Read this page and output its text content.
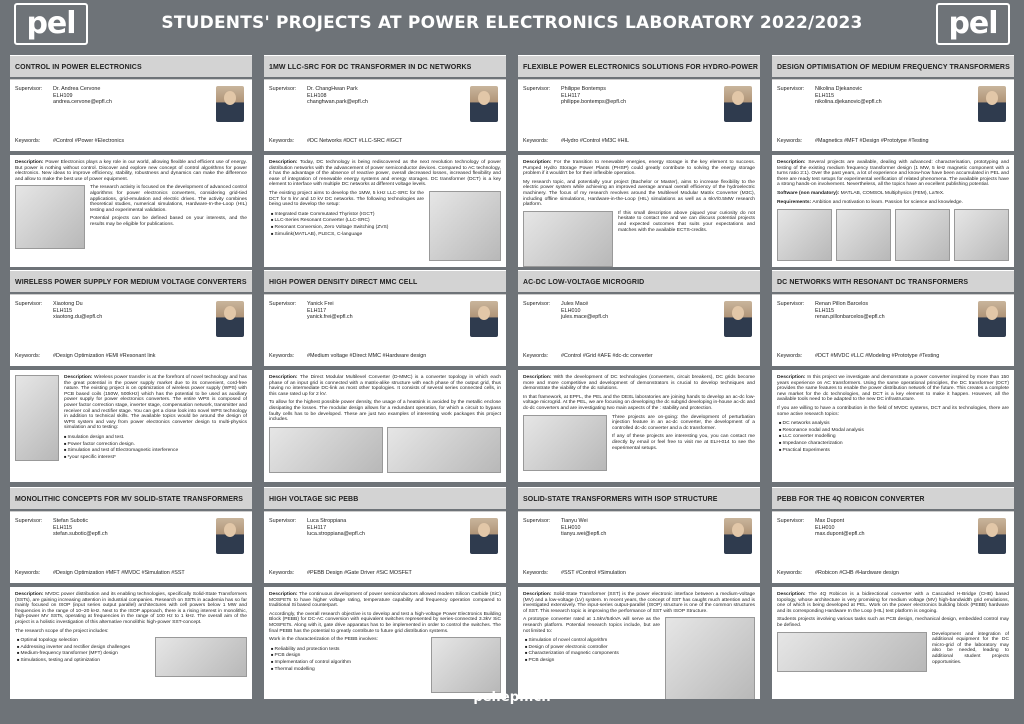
pel	STUDENTS' PROJECTS AT POWER ELECTRONICS LABORATORY 2022/2023	pel
CONTROL IN POWER ELECTRONICS
Supervisor:	Dr. Andrea Cervone
ELH109
andrea.cervone@epfl.ch
Keywords:	#Control #Power #Electronics

Description: Power Electronics plays a key role in our world, allowing flexible and efficient use of energy. But power is nothing without control. Discover and explore new concept of control algorithms for power electronics. New ideas to improve efficiency, stability, robustness and dynamics can make the difference and allow to make the best use of power equipment.

The research activity is focused on the development of advanced control algorithms for power electronics converters, considering grid-tied applications, grid-emulation and electric drives. The activity combines theoretical studies, numerical simulations, Hardware-In-the-Loop (HIL) testing and experimental validation.

Potential projects can be defined based on your interests, and the results may be eligible for publications.

1MW LLC-SRC FOR DC TRANSFORMER IN DC NETWORKS
Supervisor:	Dr. ChangHwan Park
ELH108
changhwan.park@epfl.ch
Keywords:	#DC Networks #DCT #LLC-SRC #IGCT

Description: Today, DC technology is being rediscovered as the next revolution technology of power distribution networks with the advancement of power semiconductor devices. Compared to AC technology, it has the advantage of the absence of reactive power, overall decreased losses, increased flexibility and ease of integration of renewable energy systems and energy storages. DC transformer (DCT) is a key element to interface with multiple DC networks at different voltage levels.

The existing project aims to develop the 1MW, 5 kHz LLC-SRC for the DCT for 5 kV and 10 kV DC networks. The following technologies are being used to develop the setup:

■ Integrated Gate Commutated Thyristor (IGCT)
■ LLC-Series Resonant Converter (LLC-SRC)
■ Resonant Conversion, Zero Voltage Switching (ZVS)
■ Simulink(MATLAB), PLECS, C-language
FLEXIBLE POWER ELECTRONICS SOLUTIONS FOR HYDRO-POWER
Supervisor:	Philippe Bontemps
ELH117
philippe.bontemps@epfl.ch
Keywords:	#Hydro #Control #M3C #HIL

Description: For the transition to renewable energies, energy storage is the key element to success. Pumped Hydro Storage Power Plants (PHSP) could greatly contribute to solving the energy storage problem if it wouldn't be for their inflexible operation.

My research topic, and potentially your project (Bachelor or Master), aims to increase flexibility to the electric power system while achieving an improved average annual overall efficiency of the hydroelectric machinery. The focus of my research revolves around the Multilevel Modular Matrix Converter (M3C), including offline simulations, Hardware-in-the-Loop (HIL) simulations as well as a 6kV/0.5MW research platform.

If this small description above piqued your curiosity do not hesitate to contact me and we can discuss potential projects and expected outcomes that suits your expectations and matches with the available ECTS-credits.

DESIGN OPTIMISATION OF MEDIUM FREQUENCY TRANSFORMERS
Supervisor:	Nikolina Djekanovic
ELH115
nikolina.djekanovic@epfl.ch
Keywords:	#Magnetics #MFT #Design #Prototype #Testing

Description: Several projects are available, dealing with advanced: characterisation, prototyping and testing of the existing medium frequency transformer design (1 MW, 5 kHz magnetic component with a turns ratio 2:1). Over the past years, a lot of experience and know-how have been accumulated in PEL and there are ready test setups for experimental verification of related phenomena. The available projects have a strong hands-on involvement. Nevertheless, all the topics have an excellent publishing potential.

Software (non mandatory): MATLAB, COMSOL Multiphysics (FEM), LaTeX.

Requirements: Ambition and motivation to learn. Passion for science and knowledge.

WIRELESS POWER SUPPLY FOR MEDIUM VOLTAGE CONVERTERS
Supervisor:	Xiaotong Du
ELH115
xiaotong.du@epfl.ch
Keywords:	#Design Optimization #EMI #Resonant link

Description: Wireless power transfer is at the forefront of novel technology and has the great potential in the power supply market due to its convenient, cord-free nature. The existing project is on optimization of wireless power supply (WPS) with PCB based coils (150W, 500kHz) which has the potential to be used as auxiliary power supply for power electronics converters. The entire WPS is composed of power factor correction stage, inverter stage, compensation network, transmitter and receiver coil and rectifier stage. You can get a close look into novel WPS technology in addition to technical skills. The available topics would be around the design of WPS system and vary from power electronics converter design to multi-physics simulation and to testing:

■ Insulation design and test.
■ Power factor correction design.
■ Simulation and test of Electromagnetic interference
■ *your specific interest*
HIGH POWER DENSITY DIRECT MMC CELL
Supervisor:	Yanick Frei
ELH117
yanick.frei@epfl.ch
Keywords:	#Medium voltage #Direct MMC #Hardware design

Description: The Direct Modular Multilevel Converter (D-MMC) is a converter topology in which each phase of an input grid is connected with a matrix-alike structure with each phase of the output grid, thus having no intermediate DC-link as most other topologies. It consists of several series connected cells, in this case rated up for 2 kV.

To allow for the highest possible power density, the usage of a heatsink is avoided by the metallic enclose dissipating the losses. The modular design allows for a redundant operation, for which a circuit to bypass faulty cells has to be developed. These are just two examples of interesting work packages this project includes.

AC-DC LOW-VOLTAGE MICROGRID
Supervisor:	Jules Macé
ELH010
jules.mace@epfl.ch
Keywords:	#Control #Grid #AFE #dc-dc converter

Description: With the development of DC technologies (converters, circuit breakers), DC grids become more and more competitive and development of demonstrators is crucial to develop techniques and demonstrate the viability of the dc solutions.

In that framework, at EPFL, the PEL and the DESL laboratories are joining hands to develop an ac-dc low-voltage microgrid. At the PEL, we are focusing on developing the dc subgrid developing in-house ac-dc and dc-dc converters and are investigating two main aspects of the : stability and protection.

Three projects are on-going: the development of perturbation injection feature in an ac-dc converter, the development of a controlled dc-dc converter and a dc transformer.

If any of these projects are interesting you, you can contact me directly by email or feel free to visit me at ELH-014 to see the experimental setups.

DC NETWORKS WITH RESONANT DC TRANSFORMERS
Supervisor:	Renan Pillon Barcelos
ELH115
renan.pillonbarcelos@epfl.ch
Keywords:	#DCT #MVDC #LLC #Modeling #Prototype #Testing

Description: In this project we investigate and demonstrate a power converter inspired by more than 150 years experience on AC transformers. Using the same operational principles, the DC transformer (DCT) provides the same features to enable the power distribution network of the future. This creates a complete new market for the dc technologies, and DCT is a key element to make it happen. However, all the available tools need to be adapted to the new DC infrastructure.

If you are willing to have a contribution in the field of MVDC systems, DCT and its technologies, there are some active research topics:

■ DC networks analysis
■ Resonance nodal and Modal analysis
■ LLC converter modelling
■ Impedance characterization
■ Practical Experiments
MONOLITHIC CONCEPTS FOR MV SOLID-STATE TRANSFORMERS
Supervisor:	Stefan Subotic
ELH115
stefan.subotic@epfl.ch
Keywords:	#Design Optimization #MFT #MVDC #Simulation #SST

Description: MVDC power distribution and its enabling technologies, specifically Solid-State Transformers (SSTs), are gaining increasing attention in industrial companies. Research on SSTs in academia has so far mainly focused on ISOP (input series output parallel) architectures with cell powers below 1 MW and frequencies in the range of 10–20 kHz. Next to the ISOP approach, there is a rising interest in monolithic, high-power MV SSTs, operating at frequencies in the range of 100 Hz to 1 kHz. The overall aim of the project is a holistic investigation of this alternative monolithic high-power SST-concept.

The research scope of the project includes:

■ Optimal topology selection
■ Addressing inverter and rectifier design challenges
■ Medium-frequency transformer (MFT) design
■ Simulations, testing and optimization
HIGH VOLTAGE SIC PEBB
Supervisor:	Luca Stroppiana
ELH117
luca.stroppiana@epfl.ch
Keywords:	#PEBB Design #Gate Driver #SiC MOSFET

Description: The continuous development of power semiconductors allowed modern Silicon Carbide (SiC) MOSFETs to have higher voltage rating, temperature capability and frequency operation compared to traditional Si based counterpart.

Accordingly, the overall research objective is to develop and test a high-voltage Power Electronics Building Block (PEBB) for DC-AC conversion with equivalent switches represented by series-connected 3.3kV SiC MOSFETs. Along with it, gate drive apparatus has to be implemented in order to control the switches. The final PEBB has the potential to greatly contribute to future grid distribution systems.

Work in the characterization of the PEBB involves:

■ Reliability and protection tests
■ PCB design
■ Implementation of control algorithm
■ Thermal modelling
SOLID-STATE TRANSFORMERS WITH ISOP STRUCTURE
Supervisor:	Tianyu Wei
ELH010
tianyu.wei@epfl.ch
Keywords:	#SST #Control #Simulation

Description: Solid-State Transformer (SST) is the power electronic interface between a medium-voltage (MV) and a low-voltage (LV) system. In recent years, the concept of SST has caught much attention and is investigated extensively. The input-series output-parallel (ISOP) structure is one of the common structures of SST. This research topic is improving the performance of SST with ISOP Structure.

A prototype converter rated at 1.5kV/54kVA will serve as the research platform. Potential research topics include, but are not limited to:

■ Simulation of novel control algorithm
■ Design of power electronic controller
■ Characterization of magnetic components
■ PCB design
PEBB FOR THE 4Q ROBICON CONVERTER
Supervisor:	Max Dupont
ELH010
max.dupont@epfl.ch
Keywords:	#Robicon #CHB #Hardware design

Description: The 4Q Robicon is a bidirectional converter with a Cascaded H-Bridge (CHB) based topology, whose architecture is very promising for medium voltage (MV) high-bandwidth grid emulations, one of which is being developed at PEL. Work on the power electronics building block (PEBB) hardware and its corresponding Hardware In the Loop (HIL) test platform is ongoing.

Students projects involving various tasks such as PCB design, mechanical design, embedded control may be defined.

Development and integration of additional equipment for the DC micro-grid of the laboratory may also be needed, leading to additional student projects opportunities.

pel.epfl.ch
